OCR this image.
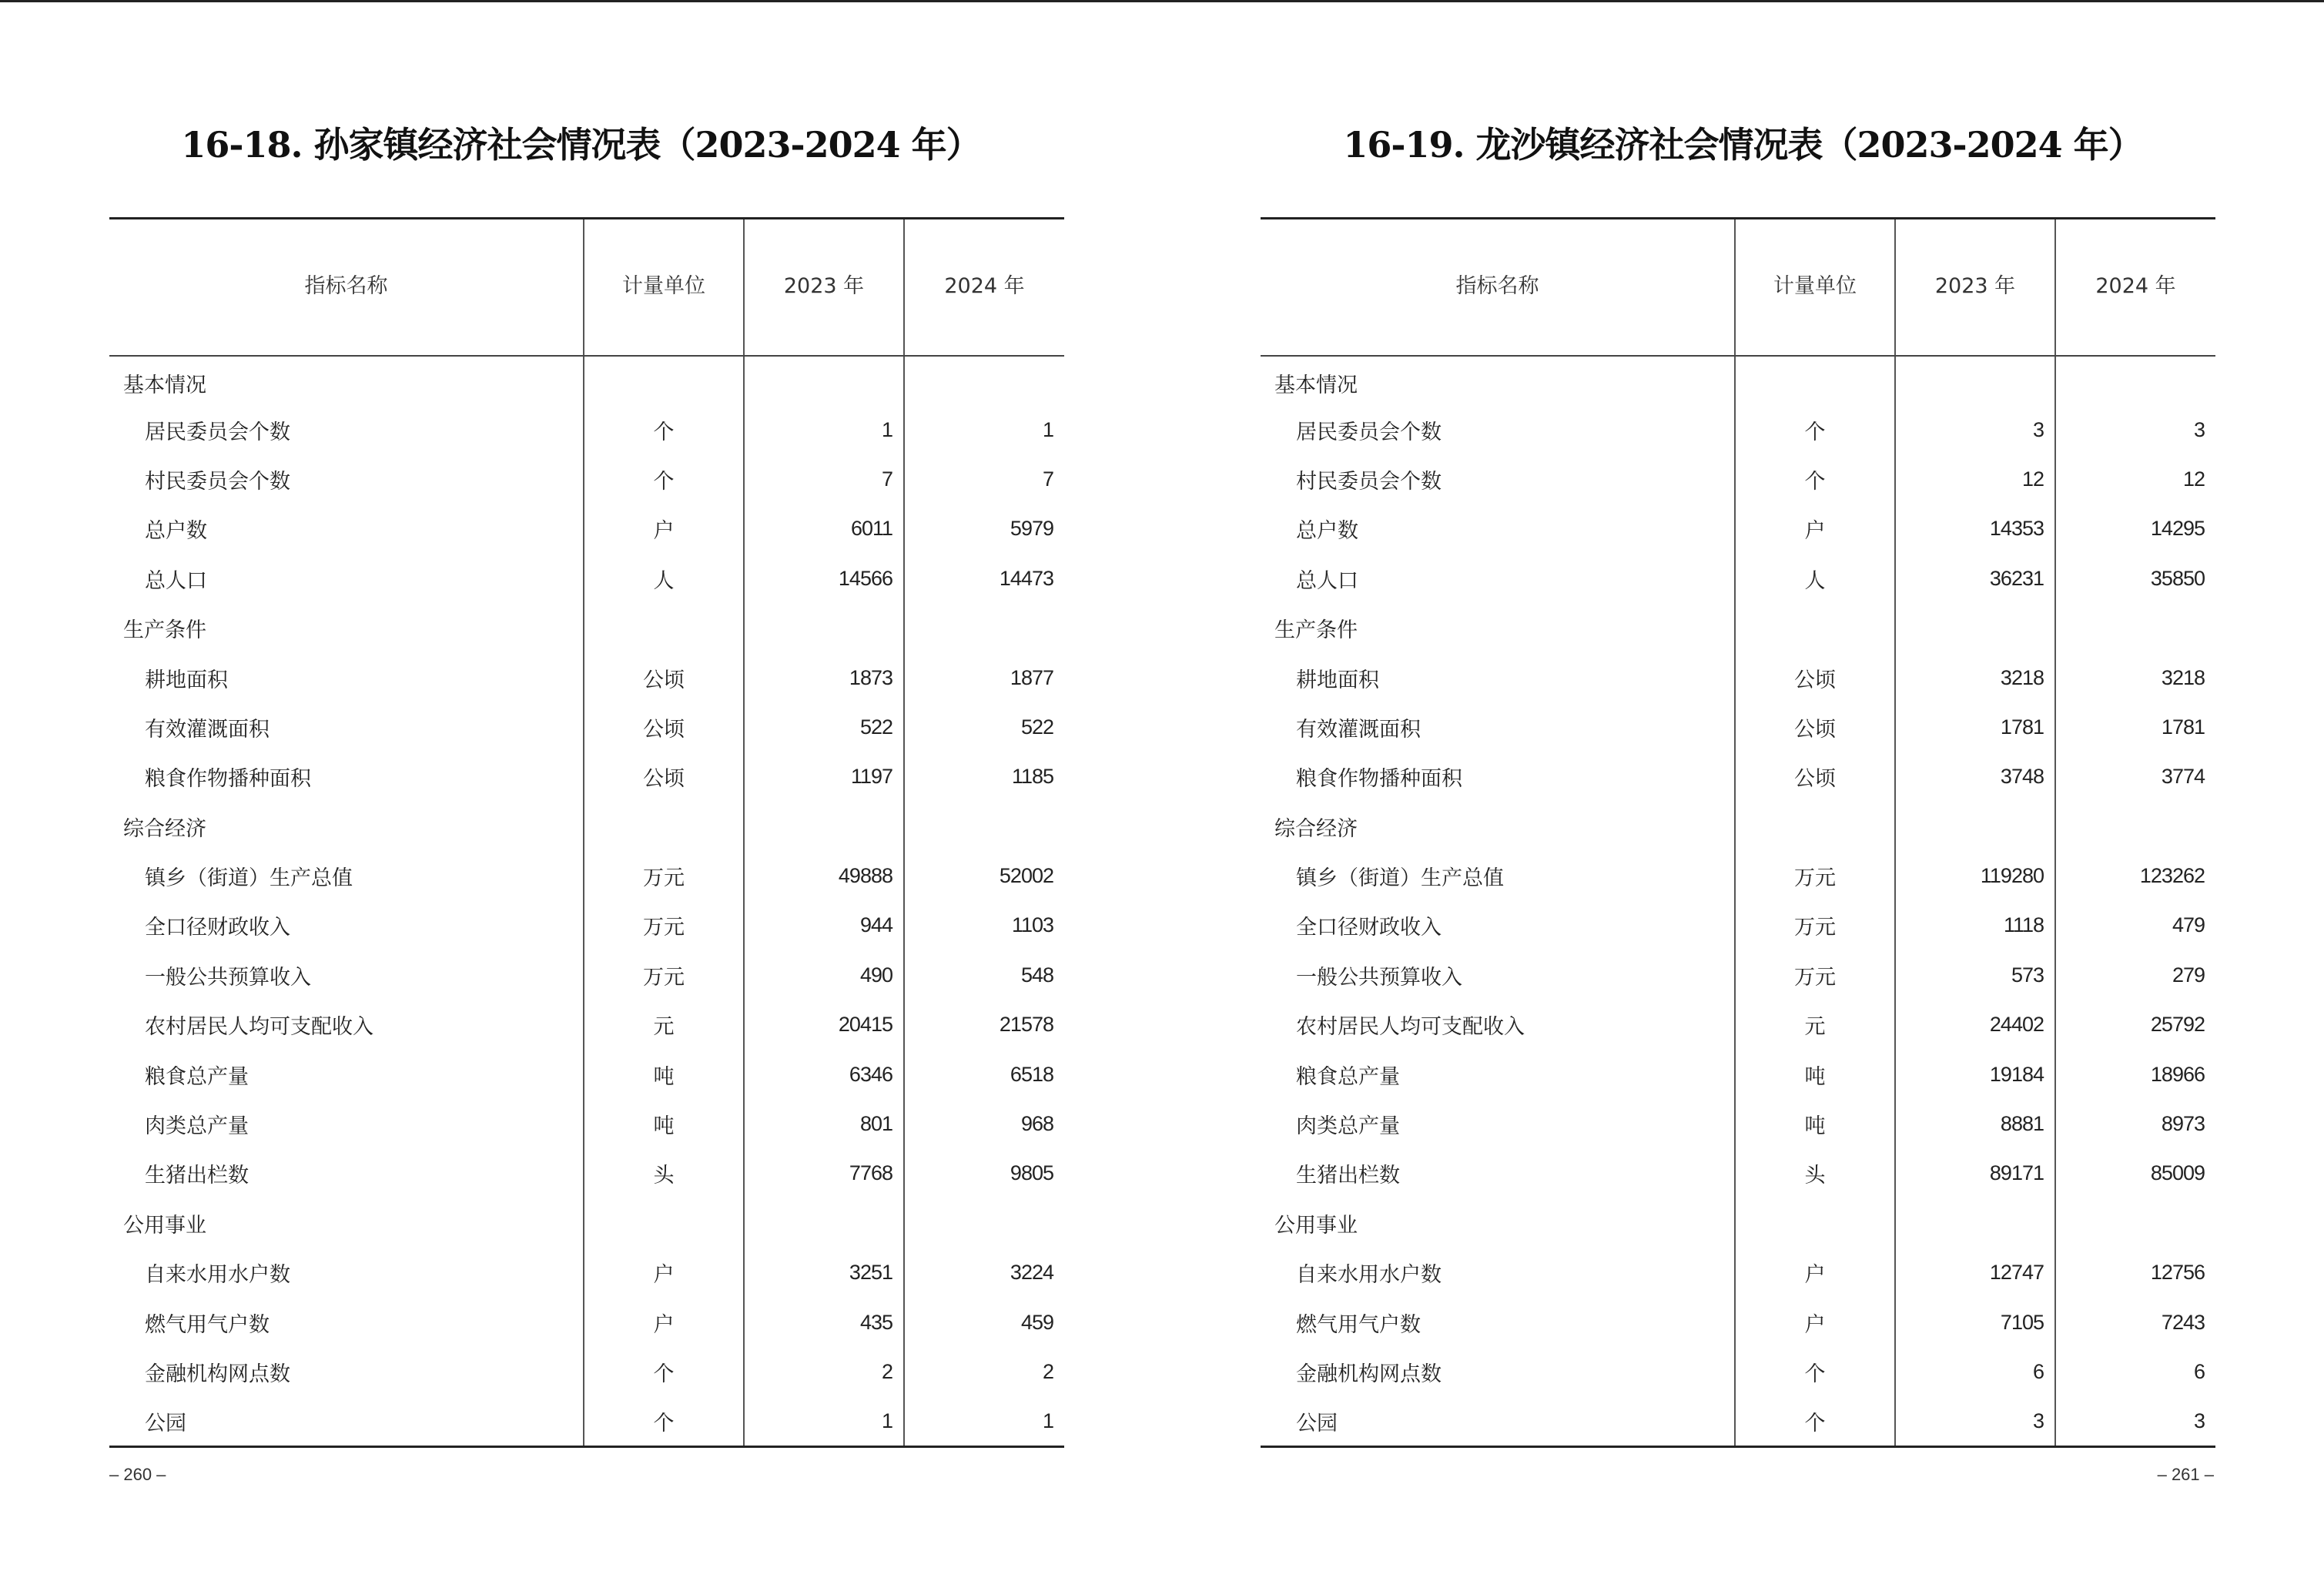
16-18. 孙家镇经济社会情况表（2023-2024 年）
指标名称	计量单位	2023 年	2024 年
基本情况			
居民委员会个数	个	1	1
村民委员会个数	个	7	7
总户数	户	6011	5979
总人口	人	14566	14473
生产条件			
耕地面积	公顷	1873	1877
有效灌溉面积	公顷	522	522
粮食作物播种面积	公顷	1197	1185
综合经济			
镇乡（街道）生产总值	万元	49888	52002
全口径财政收入	万元	944	1103
一般公共预算收入	万元	490	548
农村居民人均可支配收入	元	20415	21578
粮食总产量	吨	6346	6518
肉类总产量	吨	801	968
生猪出栏数	头	7768	9805
公用事业			
自来水用水户数	户	3251	3224
燃气用气户数	户	435	459
金融机构网点数	个	2	2
公园	个	1	1
– 260 –
16-19. 龙沙镇经济社会情况表（2023-2024 年）
指标名称	计量单位	2023 年	2024 年
基本情况			
居民委员会个数	个	3	3
村民委员会个数	个	12	12
总户数	户	14353	14295
总人口	人	36231	35850
生产条件			
耕地面积	公顷	3218	3218
有效灌溉面积	公顷	1781	1781
粮食作物播种面积	公顷	3748	3774
综合经济			
镇乡（街道）生产总值	万元	119280	123262
全口径财政收入	万元	1118	479
一般公共预算收入	万元	573	279
农村居民人均可支配收入	元	24402	25792
粮食总产量	吨	19184	18966
肉类总产量	吨	8881	8973
生猪出栏数	头	89171	85009
公用事业			
自来水用水户数	户	12747	12756
燃气用气户数	户	7105	7243
金融机构网点数	个	6	6
公园	个	3	3
– 261 –
